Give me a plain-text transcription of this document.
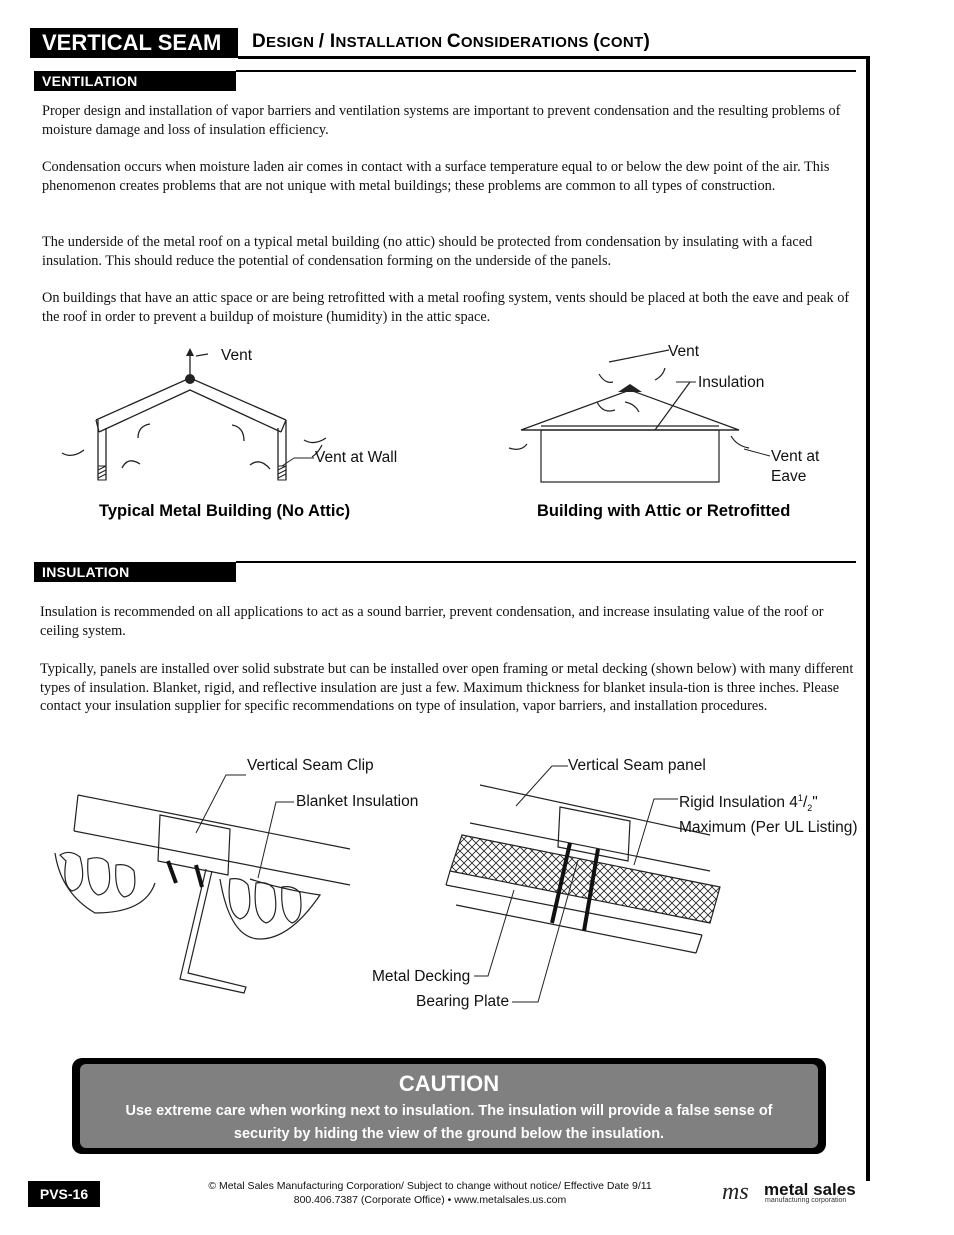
VERTICAL SEAM	DESIGN / INSTALLATION CONSIDERATIONS (CONT)
VENTILATION

Proper design and installation of vapor barriers and ventilation systems are important to prevent condensation and the resulting problems of moisture damage and loss of insulation efficiency.

Condensation occurs when moisture laden air comes in contact with a surface temperature equal to or below the dew point of the air. This phenomenon creates problems that are not unique with metal buildings; these problems are common to all types of construction.

The underside of the metal roof on a typical metal building (no attic) should be protected from condensation by insulating with a faced insulation. This should reduce the potential of condensation forming on the underside of the panels.

On buildings that have an attic space or are being retrofitted with a metal roofing system, vents should be placed at both the eave and peak of the roof in order to prevent a buildup of moisture (humidity) in the attic space.

Vent
Vent at Wall
Typical Metal Building (No Attic)
Vent
Insulation
Vent at
Eave
Building with Attic or Retrofitted
INSULATION

Insulation is recommended on all applications to act as a sound barrier, prevent condensation, and increase insulating value of the roof or ceiling system.

Typically, panels are installed over solid substrate but can be installed over open framing or metal decking (shown below) with many different types of insulation. Blanket, rigid, and reflective insulation are just a few. Maximum thickness for blanket insula-tion is three inches. Please contact your insulation supplier for specific recommendations on type of insulation, vapor barriers, and installation procedures.

Vertical Seam Clip
Blanket Insulation
Vertical Seam panel
Rigid Insulation $4^1/_2$"
Maximum (Per UL Listing)
Metal Decking
Bearing Plate
CAUTION
Use extreme care when working next to insulation. The insulation will provide a false sense of
security by hiding the view of the ground below the insulation.
PVS-16	© Metal Sales Manufacturing Corporation/ Subject to change without notice/ Effective Date 9/11
800.406.7387 (Corporate Office) • www.metalsales.us.com	ms metal sales
manufacturing corporation
